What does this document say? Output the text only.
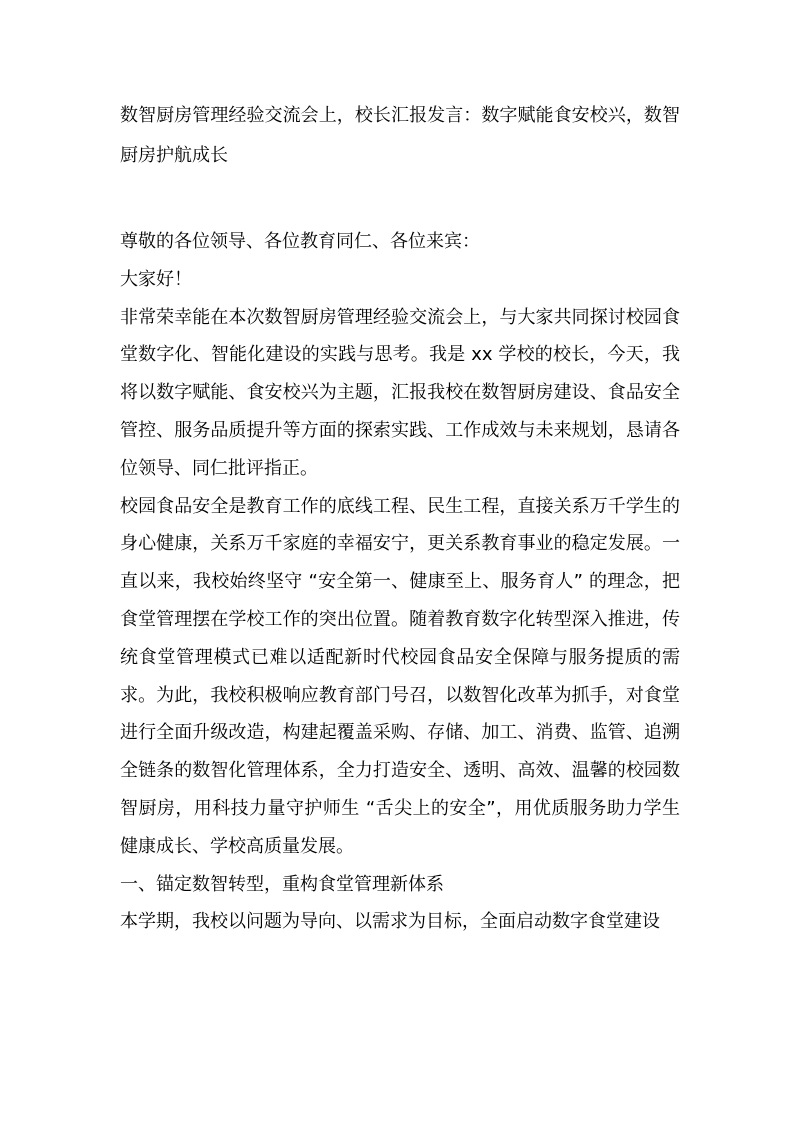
数智厨房管理经验交流会上，校长汇报发言：数字赋能食安校兴，数智厨房护航成长

尊敬的各位领导、各位教育同仁、各位来宾：

大家好！

非常荣幸能在本次数智厨房管理经验交流会上，与大家共同探讨校园食堂数字化、智能化建设的实践与思考。我是 xx 学校的校长，今天，我将以数字赋能、食安校兴为主题，汇报我校在数智厨房建设、食品安全管控、服务品质提升等方面的探索实践、工作成效与未来规划，恳请各位领导、同仁批评指正。

校园食品安全是教育工作的底线工程、民生工程，直接关系万千学生的身心健康，关系万千家庭的幸福安宁，更关系教育事业的稳定发展。一直以来，我校始终坚守 “安全第一、健康至上、服务育人” 的理念，把食堂管理摆在学校工作的突出位置。随着教育数字化转型深入推进，传统食堂管理模式已难以适配新时代校园食品安全保障与服务提质的需求。为此，我校积极响应教育部门号召，以数智化改革为抓手，对食堂进行全面升级改造，构建起覆盖采购、存储、加工、消费、监管、追溯全链条的数智化管理体系，全力打造安全、透明、高效、温馨的校园数智厨房，用科技力量守护师生 “舌尖上的安全”，用优质服务助力学生健康成长、学校高质量发展。

一、锚定数智转型，重构食堂管理新体系

本学期，我校以问题为导向、以需求为目标，全面启动数字食堂建设
